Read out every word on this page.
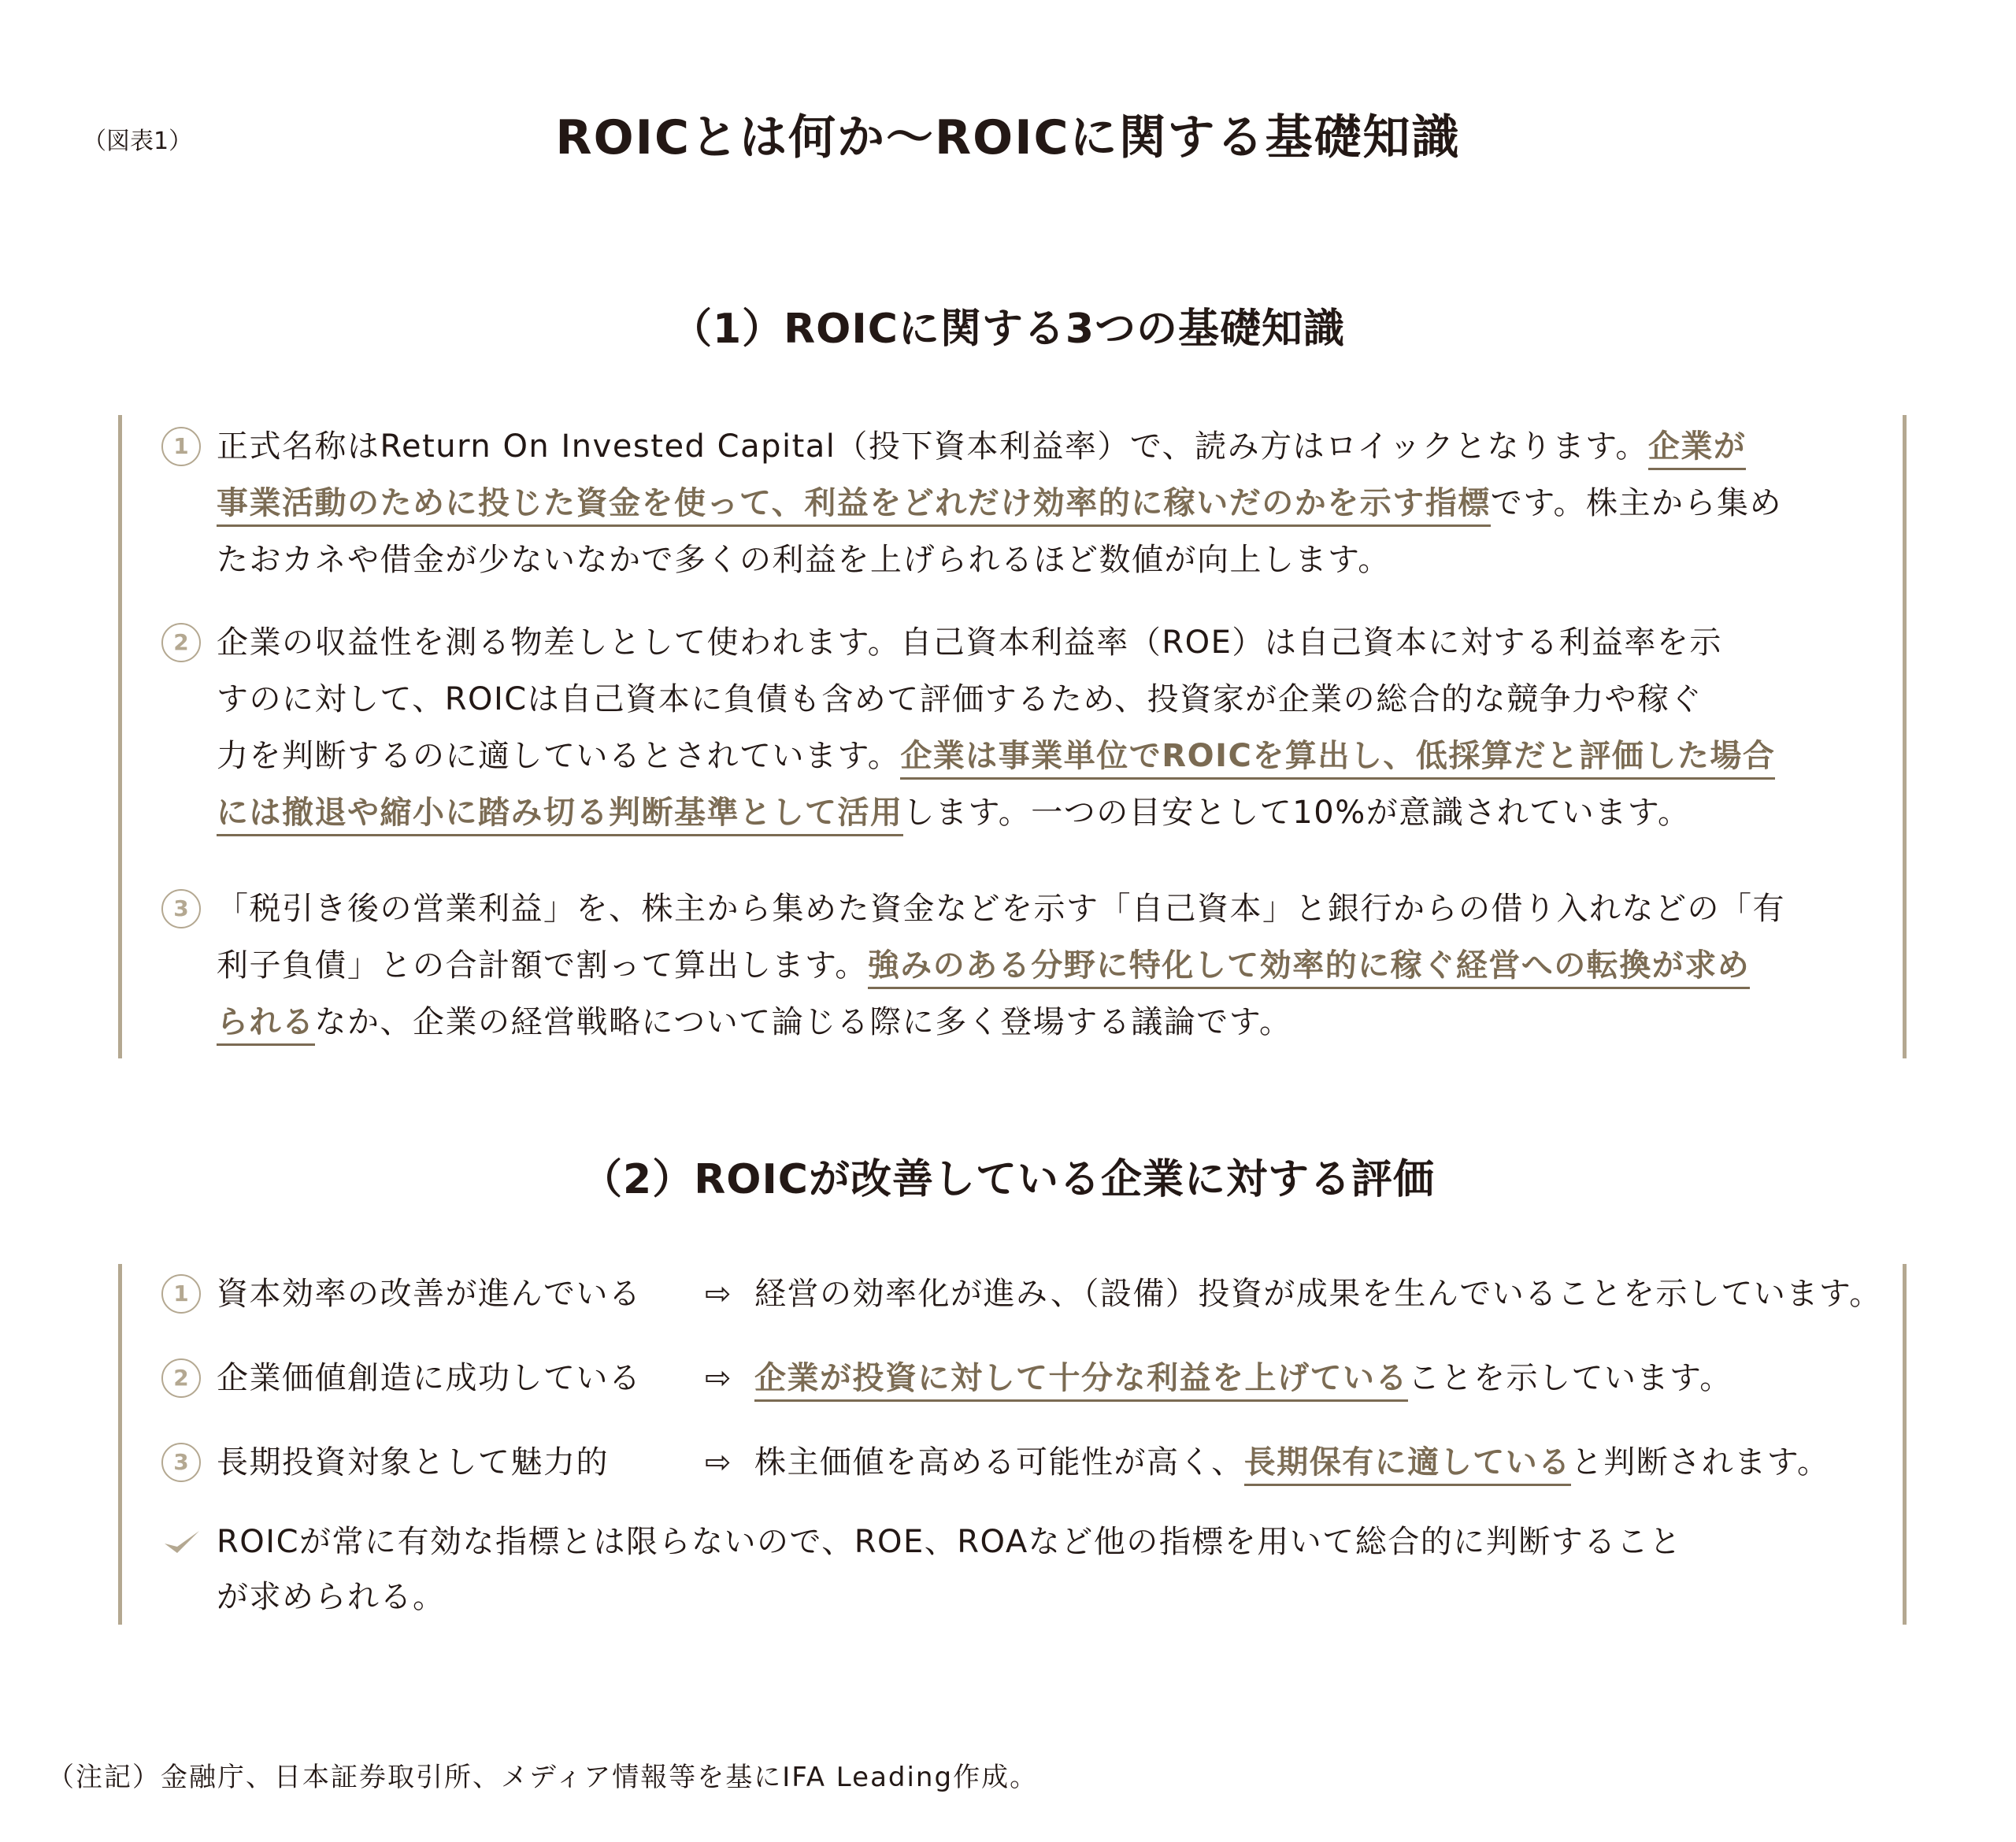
（図表1）	ROICとは何か～ROICに関する基礎知識
（1）ROICに関する3つの基礎知識
1 正式名称はReturn On Invested Capital（投下資本利益率）で、読み方はロイックとなります。企業が
事業活動のために投じた資金を使って、利益をどれだけ効率的に稼いだのかを示す指標です。株主から集め
たおカネや借金が少ないなかで多くの利益を上げられるほど数値が向上します。
2 企業の収益性を測る物差しとして使われます。自己資本利益率（ROE）は自己資本に対する利益率を示
すのに対して、ROICは自己資本に負債も含めて評価するため、投資家が企業の総合的な競争力や稼ぐ
力を判断するのに適しているとされています。企業は事業単位でROICを算出し、低採算だと評価した場合
には撤退や縮小に踏み切る判断基準として活用します。一つの目安として10%が意識されています。
3 「税引き後の営業利益」を、株主から集めた資金などを示す「自己資本」と銀行からの借り入れなどの「有
利子負債」との合計額で割って算出します。強みのある分野に特化して効率的に稼ぐ経営への転換が求め
られるなか、企業の経営戦略について論じる際に多く登場する議論です。
（2）ROICが改善している企業に対する評価
1 資本効率の改善が進んでいる ⇨ 経営の効率化が進み、（設備）投資が成果を生んでいることを示しています。
2 企業価値創造に成功している ⇨ 企業が投資に対して十分な利益を上げていることを示しています。
3 長期投資対象として魅力的	⇨ 株主価値を高める可能性が高く、長期保有に適していると判断されます。
ROICが常に有効な指標とは限らないので、ROE、ROAなど他の指標を用いて総合的に判断すること
が求められる。
（注記）金融庁、日本証券取引所、メディア情報等を基にIFA Leading作成。
